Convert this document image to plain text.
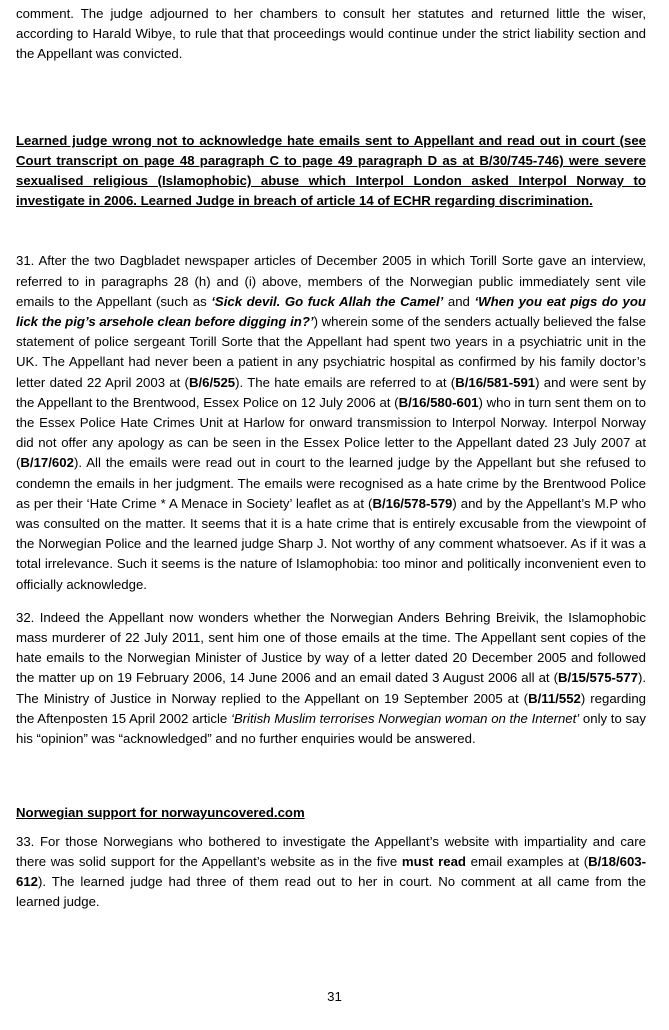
comment. The judge adjourned to her chambers to consult her statutes and returned little the wiser, according to Harald Wibye, to rule that that proceedings would continue under the strict liability section and the Appellant was convicted.

Learned judge wrong not to acknowledge hate emails sent to Appellant and read out in court (see Court transcript on page 48 paragraph C to page 49 paragraph D as at B/30/745-746) were severe sexualised religious (Islamophobic) abuse which Interpol London asked Interpol Norway to investigate in 2006. Learned Judge in breach of article 14 of ECHR regarding discrimination.

31. After the two Dagbladet newspaper articles of December 2005 in which Torill Sorte gave an interview, referred to in paragraphs 28 (h) and (i) above, members of the Norwegian public immediately sent vile emails to the Appellant (such as ‘Sick devil. Go fuck Allah the Camel’ and ‘When you eat pigs do you lick the pig’s arsehole clean before digging in?’) wherein some of the senders actually believed the false statement of police sergeant Torill Sorte that the Appellant had spent two years in a psychiatric unit in the UK. The Appellant had never been a patient in any psychiatric hospital as confirmed by his family doctor’s letter dated 22 April 2003 at (B/6/525). The hate emails are referred to at (B/16/581-591) and were sent by the Appellant to the Brentwood, Essex Police on 12 July 2006 at (B/16/580-601) who in turn sent them on to the Essex Police Hate Crimes Unit at Harlow for onward transmission to Interpol Norway. Interpol Norway did not offer any apology as can be seen in the Essex Police letter to the Appellant dated 23 July 2007 at (B/17/602). All the emails were read out in court to the learned judge by the Appellant but she refused to condemn the emails in her judgment. The emails were recognised as a hate crime by the Brentwood Police as per their ‘Hate Crime * A Menace in Society’ leaflet as at (B/16/578-579) and by the Appellant’s M.P who was consulted on the matter. It seems that it is a hate crime that is entirely excusable from the viewpoint of the Norwegian Police and the learned judge Sharp J. Not worthy of any comment whatsoever. As if it was a total irrelevance. Such it seems is the nature of Islamophobia: too minor and politically inconvenient even to officially acknowledge.

32. Indeed the Appellant now wonders whether the Norwegian Anders Behring Breivik, the Islamophobic mass murderer of 22 July 2011, sent him one of those emails at the time. The Appellant sent copies of the hate emails to the Norwegian Minister of Justice by way of a letter dated 20 December 2005 and followed the matter up on 19 February 2006, 14 June 2006 and an email dated 3 August 2006 all at (B/15/575-577). The Ministry of Justice in Norway replied to the Appellant on 19 September 2005 at (B/11/552) regarding the Aftenposten 15 April 2002 article ‘British Muslim terrorises Norwegian woman on the Internet’ only to say his “opinion” was “acknowledged” and no further enquiries would be answered.

Norwegian support for norwayuncovered.com

33. For those Norwegians who bothered to investigate the Appellant’s website with impartiality and care there was solid support for the Appellant’s website as in the five must read email examples at (B/18/603-612). The learned judge had three of them read out to her in court. No comment at all came from the learned judge.

31
